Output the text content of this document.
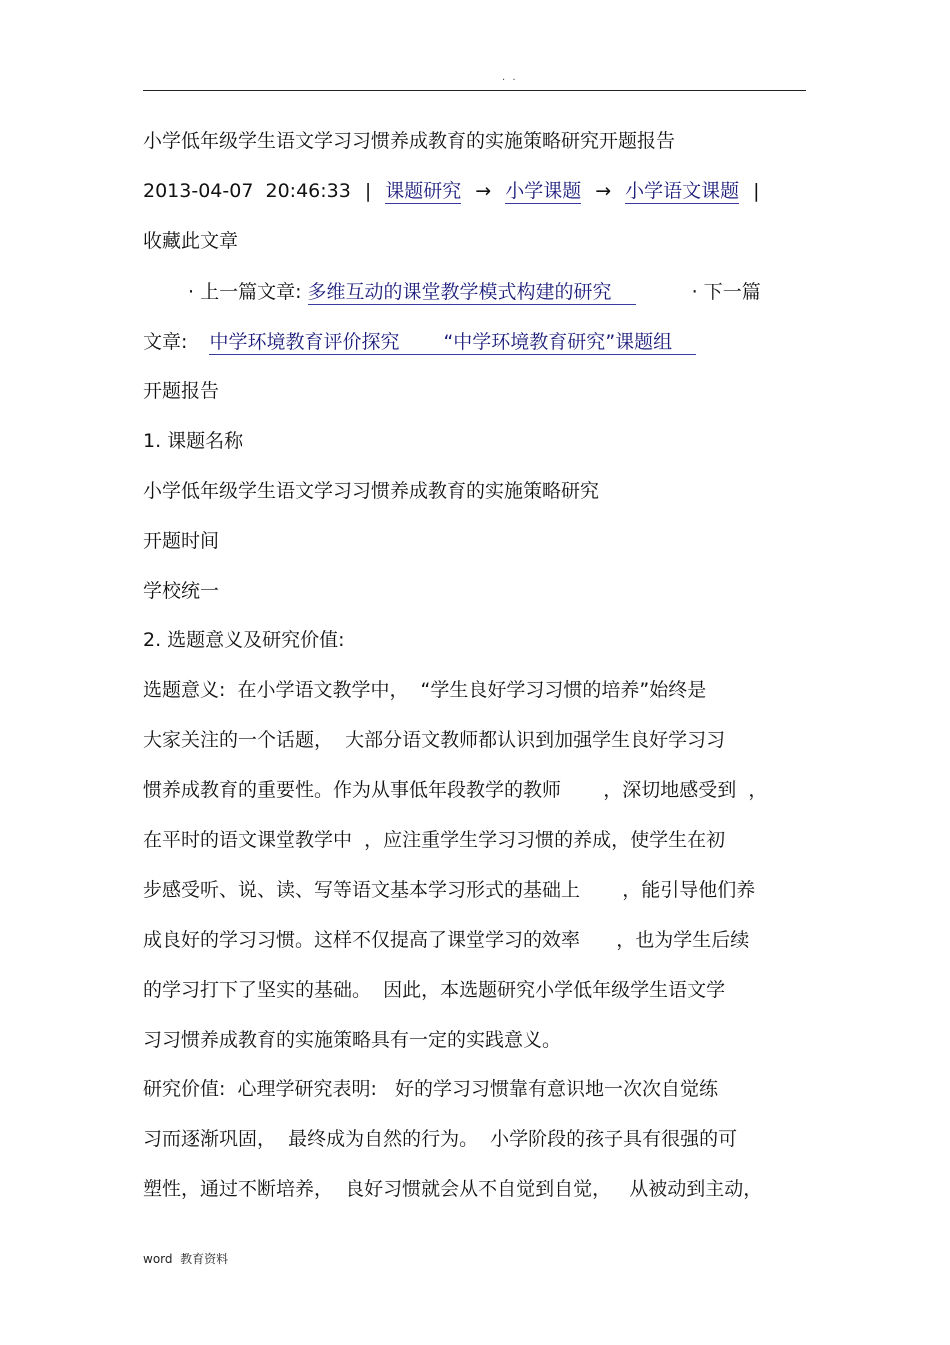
. .
小学低年级学生语文学习习惯养成教育的实施策略研究开题报告
2013-04-07  20:46:33 | 课题研究 → 小学课题 → 小学语文课题 |
收藏此文章
· 上一篇文章: 多维互动的课堂教学模式构建的研究	· 下一篇
文章: 中学环境教育评价探究 “中学环境教育研究”课题组
开题报告
1. 课题名称
小学低年级学生语文学习习惯养成教育的实施策略研究
开题时间
学校统一
2. 选题意义及研究价值:
选题意义:  在小学语文教学中，  “学生良好学习习惯的培养”始终是
大家关注的一个话题，  大部分语文教师都认识到加强学生良好学习习
惯养成教育的重要性。作为从事低年段教学的教师       ，深切地感受到  ，
在平时的语文课堂教学中  ，应注重学生学习习惯的养成，使学生在初
步感受听、说、读、写等语文基本学习形式的基础上       ，能引导他们养
成良好的学习习惯。这样不仅提高了课堂学习的效率      ，也为学生后续
的学习打下了坚实的基础。  因此，本选题研究小学低年级学生语文学
习习惯养成教育的实施策略具有一定的实践意义。
研究价值:  心理学研究表明:   好的学习习惯靠有意识地一次次自觉练
习而逐渐巩固，  最终成为自然的行为。  小学阶段的孩子具有很强的可
塑性，通过不断培养，  良好习惯就会从不自觉到自觉，   从被动到主动，
word  教育资料
